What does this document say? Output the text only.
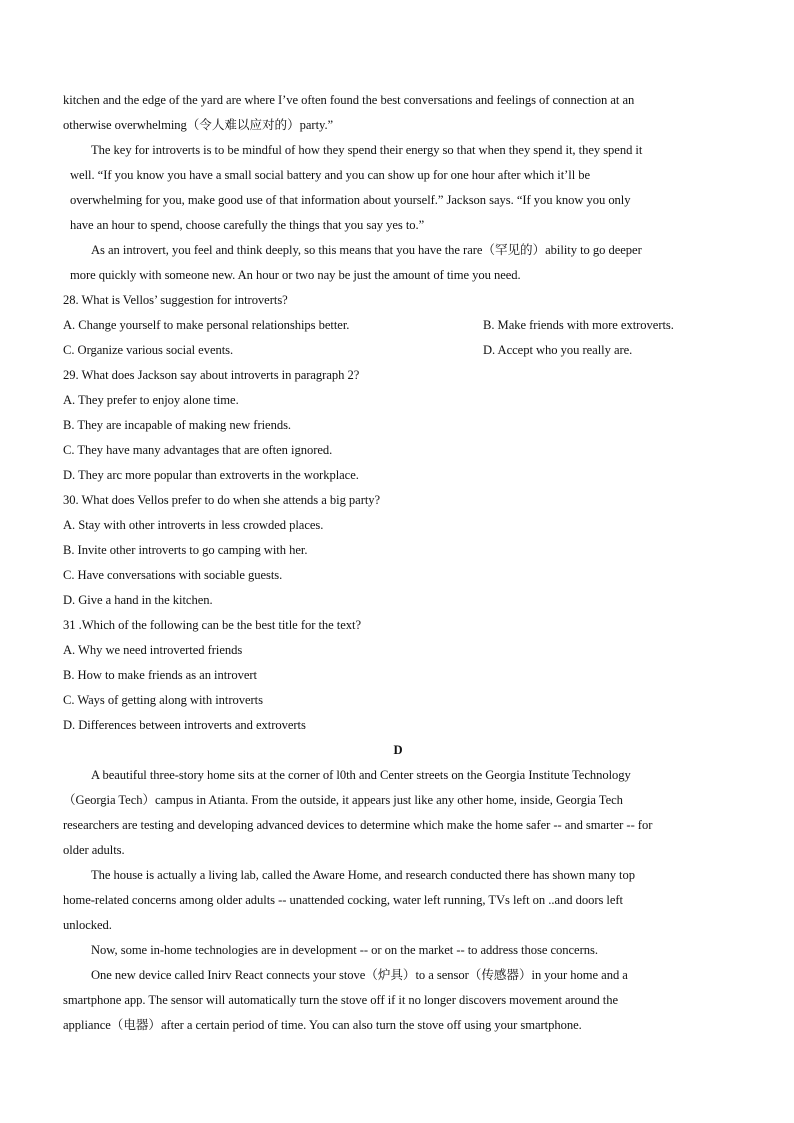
kitchen and the edge of the yard are where I’ve often found the best conversations and feelings of connection at an
otherwise overwhelming（令人难以应对的）party.”
The key for introverts is to be mindful of how they spend their energy so that when they spend it, they spend it
well. “If you know you have a small social battery and you can show up for one hour after which it’ll be
overwhelming for you, make good use of that information about yourself.” Jackson says. “If you know you only
have an hour to spend, choose carefully the things that you say yes to.”
As an introvert, you feel and think deeply, so this means that you have the rare（罕见的）ability to go deeper
more quickly with someone new. An hour or two nay be just the amount of time you need.
28. What is Vellos’ suggestion for introverts?
A. Change yourself to make personal relationships better.	B. Make friends with more extroverts.
C. Organize various social events.	D. Accept who you really are.
29. What does Jackson say about introverts in paragraph 2?
A. They prefer to enjoy alone time.
B. They are incapable of making new friends.
C. They have many advantages that are often ignored.
D. They arc more popular than extroverts in the workplace.
30. What does Vellos prefer to do when she attends a big party?
A. Stay with other introverts in less crowded places.
B. Invite other introverts to go camping with her.
C. Have conversations with sociable guests.
D. Give a hand in the kitchen.
31 .Which of the following can be the best title for the text?
A. Why we need introverted friends
B. How to make friends as an introvert
C. Ways of getting along with introverts
D. Differences between introverts and extroverts
D
A beautiful three-story home sits at the corner of l0th and Center streets on the Georgia Institute Technology
（Georgia Tech）campus in Atianta. From the outside, it appears just like any other home, inside, Georgia Tech
researchers are testing and developing advanced devices to determine which make the home safer -- and smarter -- for
older adults.
The house is actually a living lab, called the Aware Home, and research conducted there has shown many top
home-related concerns among older adults -- unattended cocking, water left running, TVs left on ..and doors left
unlocked.
Now, some in-home technologies are in development -- or on the market -- to address those concerns.
One new device called Inirv React connects your stove（炉具）to a sensor（传感器）in your home and a
smartphone app. The sensor will automatically turn the stove off if it no longer discovers movement around the
appliance（电器）after a certain period of time. You can also turn the stove off using your smartphone.
